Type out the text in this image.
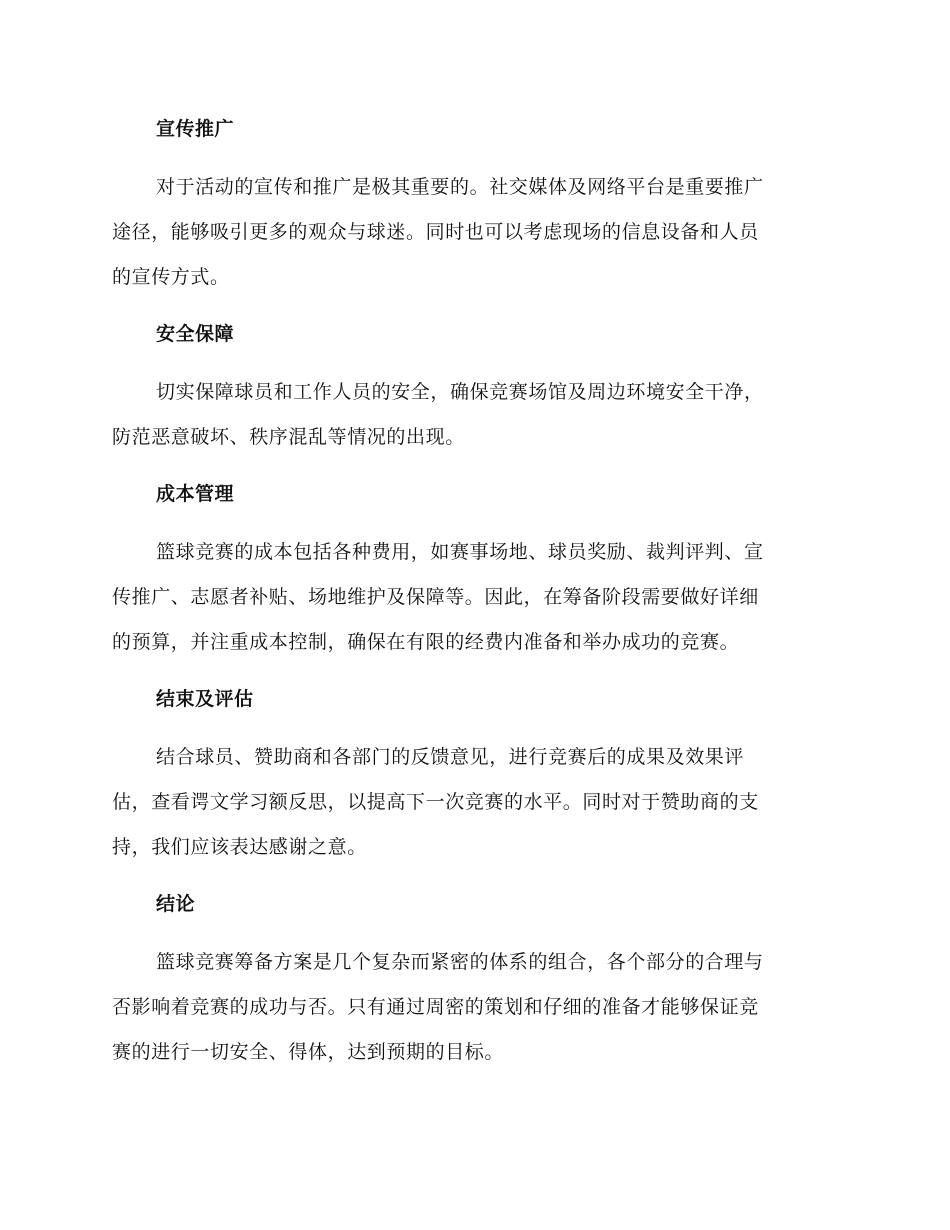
宣传推广
对于活动的宣传和推广是极其重要的。社交媒体及网络平台是重要推广
途径，能够吸引更多的观众与球迷。同时也可以考虑现场的信息设备和人员
的宣传方式。
安全保障
切实保障球员和工作人员的安全，确保竞赛场馆及周边环境安全干净，
防范恶意破坏、秩序混乱等情况的出现。
成本管理
篮球竞赛的成本包括各种费用，如赛事场地、球员奖励、裁判评判、宣
传推广、志愿者补贴、场地维护及保障等。因此，在筹备阶段需要做好详细
的预算，并注重成本控制，确保在有限的经费内准备和举办成功的竞赛。
结束及评估
结合球员、赞助商和各部门的反馈意见，进行竞赛后的成果及效果评
估，查看谔文学习额反思，以提高下一次竞赛的水平。同时对于赞助商的支
持，我们应该表达感谢之意。
结论
篮球竞赛筹备方案是几个复杂而紧密的体系的组合，各个部分的合理与
否影响着竞赛的成功与否。只有通过周密的策划和仔细的准备才能够保证竞
赛的进行一切安全、得体，达到预期的目标。
